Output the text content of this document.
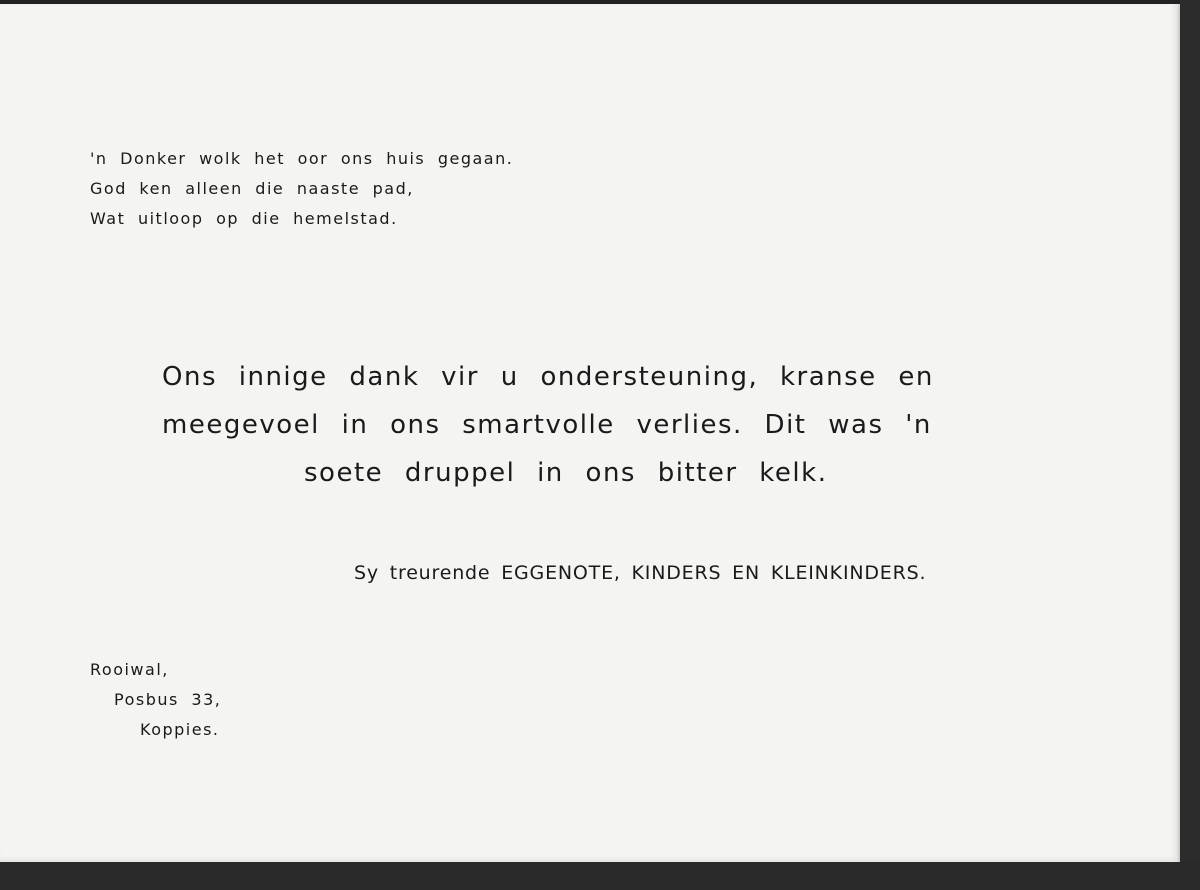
'n Donker wolk het oor ons huis gegaan.
God ken alleen die naaste pad,
Wat uitloop op die hemelstad.
Ons innige dank vir u ondersteuning, kranse en
meegevoel in ons smartvolle verlies. Dit was 'n
soete druppel in ons bitter kelk.
Sy treurende EGGENOTE, KINDERS EN KLEINKINDERS.
Rooiwal,
Posbus 33,
Koppies.
